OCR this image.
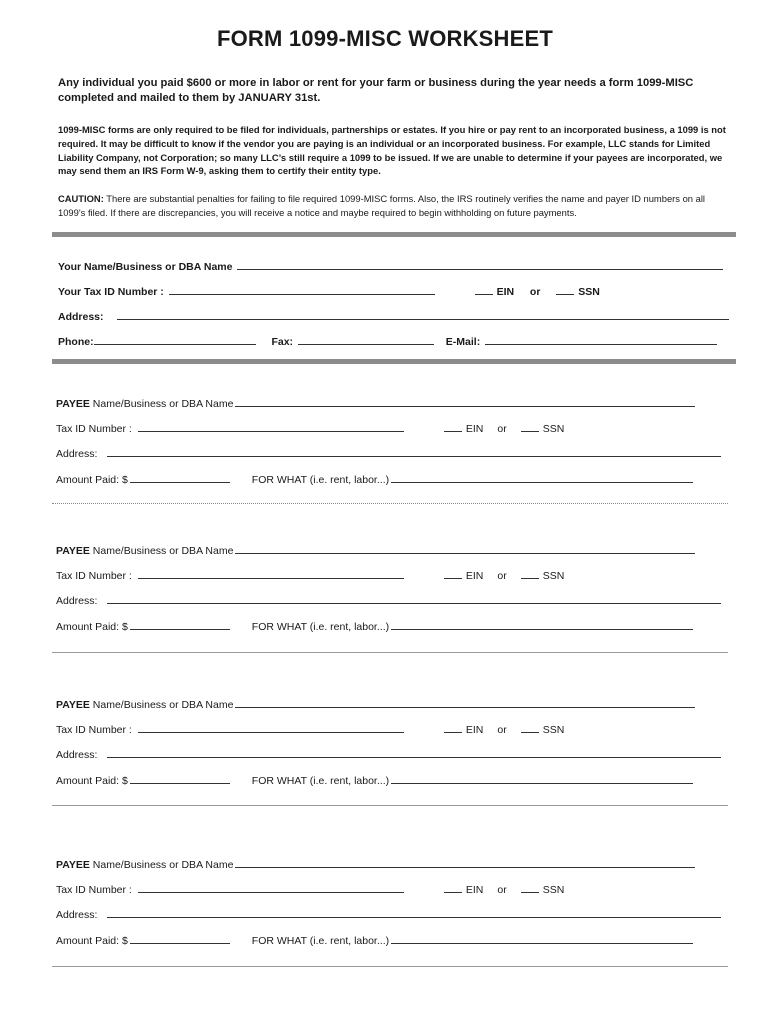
FORM 1099-MISC WORKSHEET
Any individual you paid $600 or more in labor or rent for your farm or business during the year needs a form 1099-MISC completed and mailed to them by JANUARY 31st.
1099-MISC forms are only required to be filed for individuals, partnerships or estates. If you hire or pay rent to an incorporated business, a 1099 is not required. It may be difficult to know if the vendor you are paying is an individual or an incorporated business. For example, LLC stands for Limited Liability Company, not Corporation; so many LLC’s still require a 1099 to be issued. If we are unable to determine if your payees are incorporated, we may send them an IRS Form W-9, asking them to certify their entity type.
CAUTION: There are substantial penalties for failing to file required 1099-MISC forms. Also, the IRS routinely verifies the name and payer ID numbers on all 1099's filed. If there are discrepancies, you will receive a notice and maybe required to begin withholding on future payments.
Your Name/Business or DBA Name
Your Tax ID Number :	EIN or	SSN
Address:
Phone:	Fax:	E-Mail:
PAYEE Name/Business or DBA Name
Tax ID Number :	EIN or	SSN
Address:
Amount Paid: $	FOR WHAT (i.e. rent, labor...)
PAYEE Name/Business or DBA Name
Tax ID Number :	EIN or	SSN
Address:
Amount Paid: $	FOR WHAT (i.e. rent, labor...)
PAYEE Name/Business or DBA Name
Tax ID Number :	EIN or	SSN
Address:
Amount Paid: $	FOR WHAT (i.e. rent, labor...)
PAYEE Name/Business or DBA Name
Tax ID Number :	EIN or	SSN
Address:
Amount Paid: $	FOR WHAT (i.e. rent, labor...)
